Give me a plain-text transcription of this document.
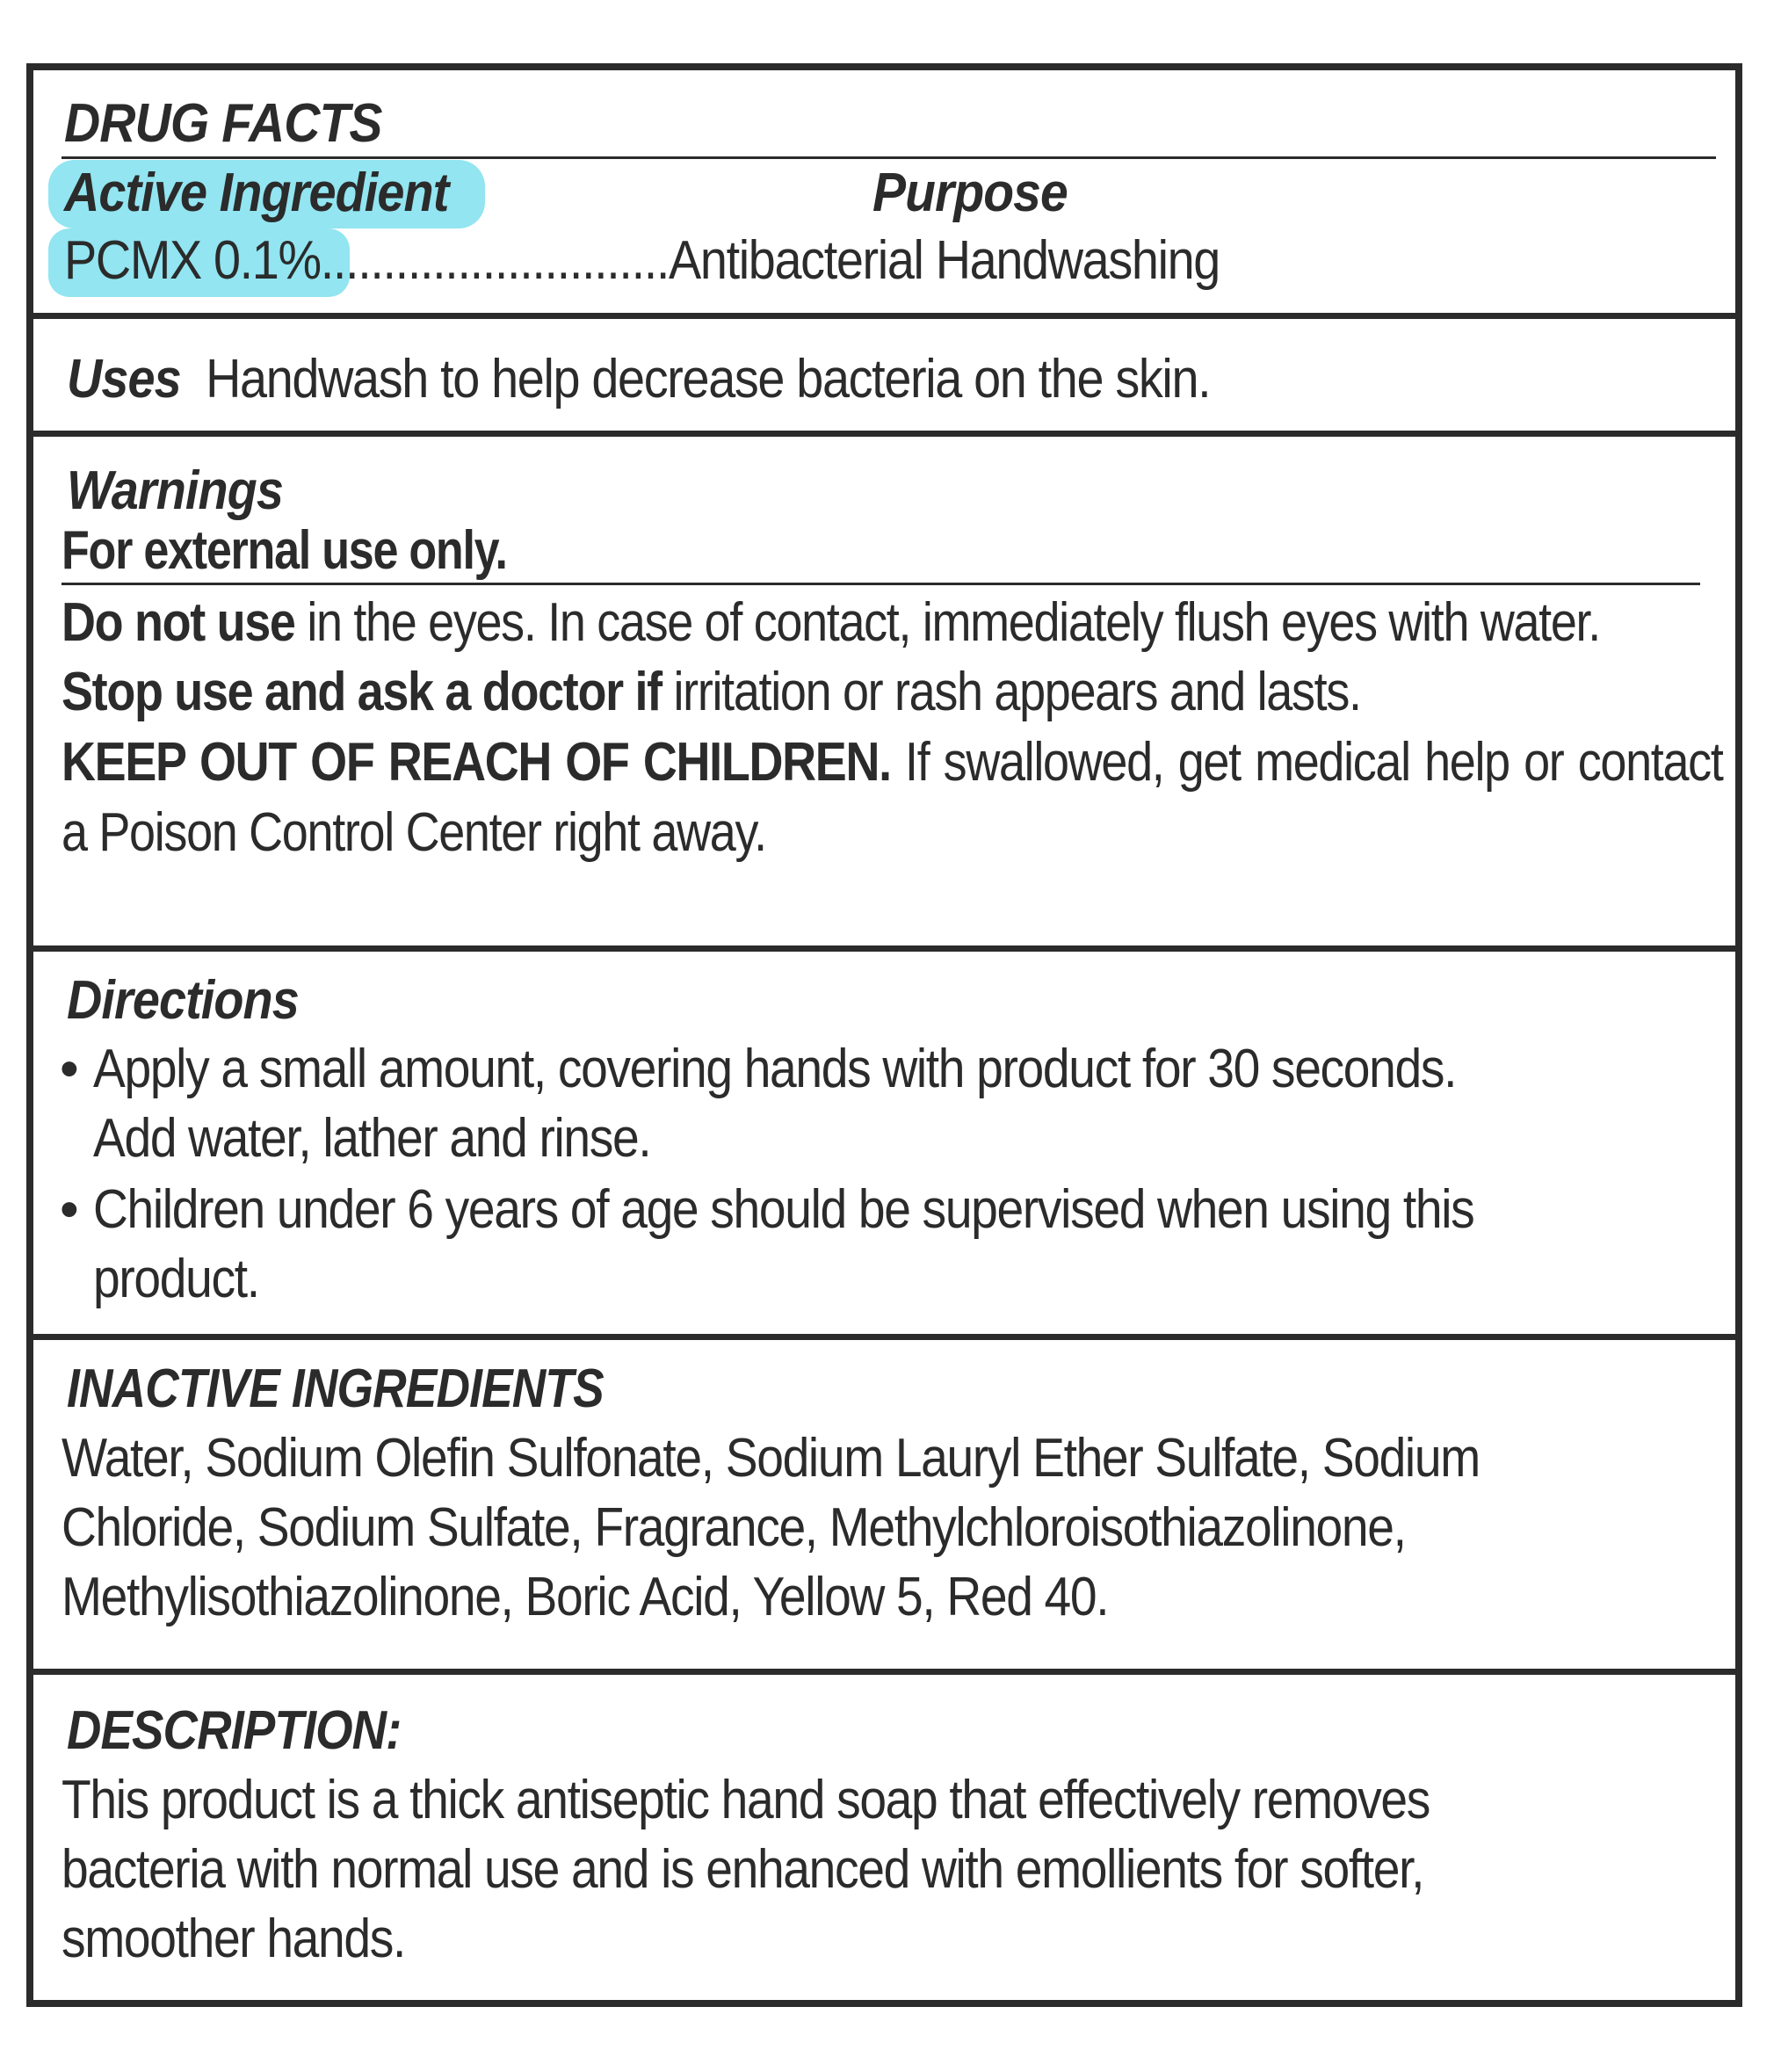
DRUG FACTS
Active Ingredient	Purpose
PCMX 0.1%............................Antibacterial Handwashing
Uses Handwash to help decrease bacteria on the skin.
Warnings
For external use only.
Do not use in the eyes. In case of contact, immediately flush eyes with water.
Stop use and ask a doctor if irritation or rash appears and lasts.
KEEP OUT OF REACH OF CHILDREN. If swallowed, get medical help or contact a Poison Control Center right away.
Directions
• Apply a small amount, covering hands with product for 30 seconds.
Add water, lather and rinse.
• Children under 6 years of age should be supervised when using this
product.
INACTIVE INGREDIENTS
Water, Sodium Olefin Sulfonate, Sodium Lauryl Ether Sulfate, Sodium
Chloride, Sodium Sulfate, Fragrance, Methylchloroisothiazolinone,
Methylisothiazolinone, Boric Acid, Yellow 5, Red 40.
DESCRIPTION:
This product is a thick antiseptic hand soap that effectively removes
bacteria with normal use and is enhanced with emollients for softer,
smoother hands.
